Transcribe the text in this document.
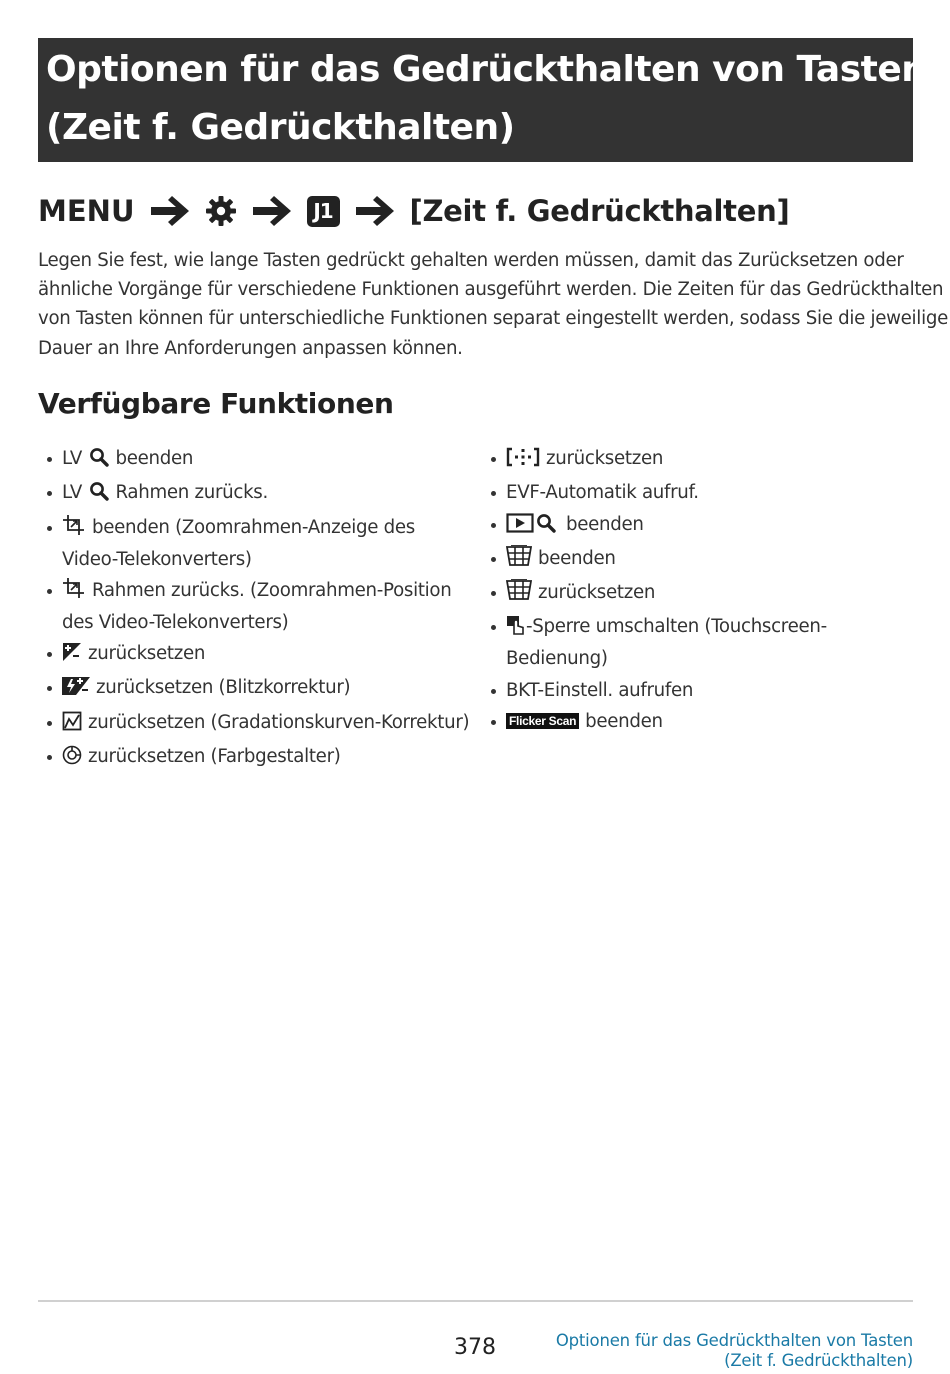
Optionen für das Gedrückthalten von Tasten
(Zeit f. Gedrückthalten)
MENU	J1	[Zeit f. Gedrückthalten]

Legen Sie fest, wie lange Tasten gedrückt gehalten werden müssen, damit das Zurücksetzen oder

ähnliche Vorgänge für verschiedene Funktionen ausgeführt werden. Die Zeiten für das Gedrückthalten

von Tasten können für unterschiedliche Funktionen separat eingestellt werden, sodass Sie die jeweilige

Dauer an Ihre Anforderungen anpassen können.

Verfügbare Funktionen
LV beenden
LV Rahmen zurücks.
beenden (Zoomrahmen-Anzeige des
Video-Telekonverters)
Rahmen zurücks. (Zoomrahmen-Position
des Video-Telekonverters)
zurücksetzen
zurücksetzen (Blitzkorrektur)
zurücksetzen (Gradationskurven-Korrektur)
zurücksetzen (Farbgestalter)
zurücksetzen
EVF-Automatik aufruf.
beenden
beenden
zurücksetzen
-Sperre umschalten (Touchscreen-
Bedienung)
BKT-Einstell. aufrufen
Flicker Scan beenden
378	Optionen für das Gedrückthalten von Tasten
(Zeit f. Gedrückthalten)
